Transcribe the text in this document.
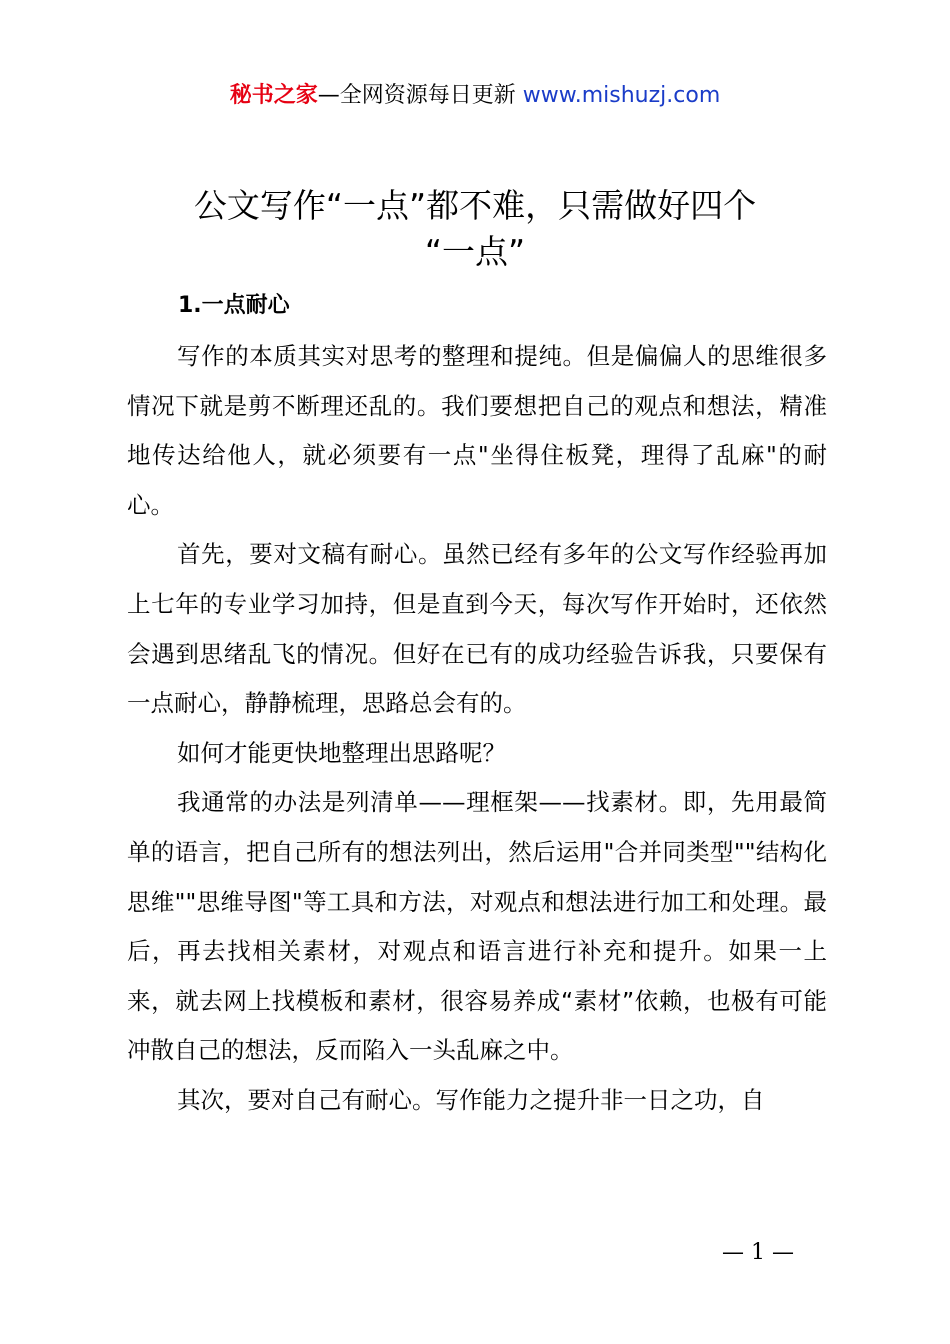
秘书之家—全网资源每日更新 www.mishuzj.com
公文写作“一点”都不难，只需做好四个
“一点”
1.一点耐心

写作的本质其实对思考的整理和提纯。但是偏偏人的思维很多情况下就是剪不断理还乱的。我们要想把自己的观点和想法，精准地传达给他人，就必须要有一点"坐得住板凳，理得了乱麻"的耐心。

首先，要对文稿有耐心。虽然已经有多年的公文写作经验再加上七年的专业学习加持，但是直到今天，每次写作开始时，还依然会遇到思绪乱飞的情况。但好在已有的成功经验告诉我，只要保有一点耐心，静静梳理，思路总会有的。

如何才能更快地整理出思路呢？

我通常的办法是列清单——理框架——找素材。即，先用最简单的语言，把自己所有的想法列出，然后运用"合并同类型""结构化思维""思维导图"等工具和方法，对观点和想法进行加工和处理。最后，再去找相关素材，对观点和语言进行补充和提升。如果一上来，就去网上找模板和素材，很容易养成“素材”依赖，也极有可能冲散自己的想法，反而陷入一头乱麻之中。

其次，要对自己有耐心。写作能力之提升非一日之功，自

— 1 —
